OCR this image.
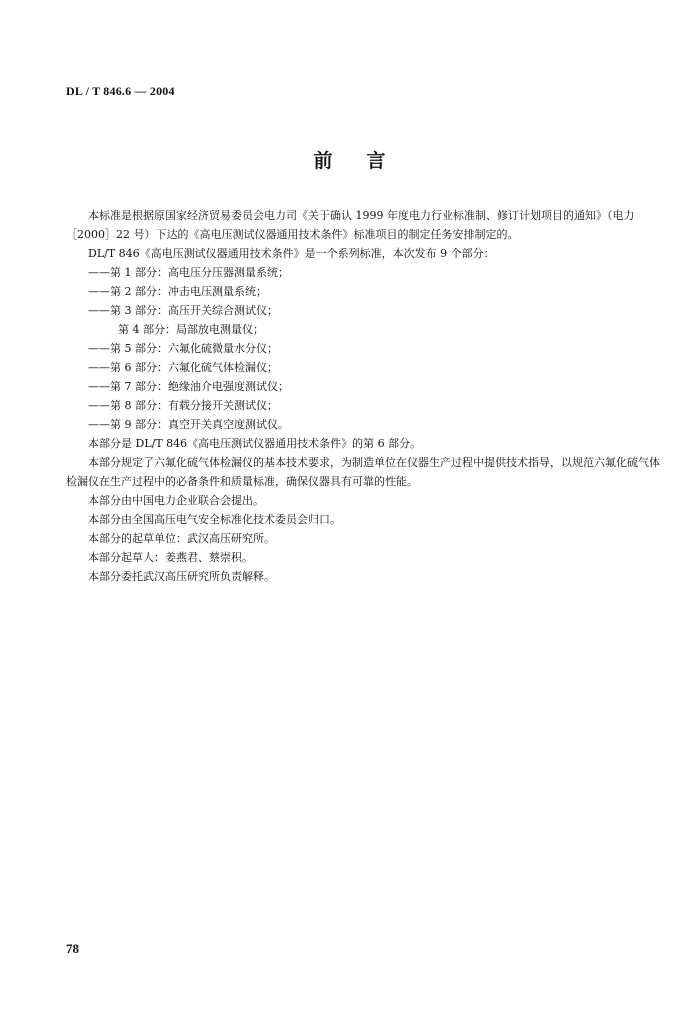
DL / T 846.6 — 2004
前言

本标准是根据原国家经济贸易委员会电力司《关于确认 1999 年度电力行业标准制、修订计划项目的通知》（电力［2000］22 号）下达的《高电压测试仪器通用技术条件》标准项目的制定任务安排制定的。

DL/T 846《高电压测试仪器通用技术条件》是一个系列标准，本次发布 9 个部分：

——第 1 部分：高电压分压器测量系统；

——第 2 部分：冲击电压测量系统；

——第 3 部分：高压开关综合测试仪；

第 4 部分：局部放电测量仪；

——第 5 部分：六氟化硫微量水分仪；

——第 6 部分：六氟化硫气体检漏仪；

——第 7 部分：绝缘油介电强度测试仪；

——第 8 部分：有载分接开关测试仪；

——第 9 部分：真空开关真空度测试仪。

本部分是 DL/T 846《高电压测试仪器通用技术条件》的第 6 部分。

本部分规定了六氟化硫气体检漏仪的基本技术要求，为制造单位在仪器生产过程中提供技术指导，以规范六氟化硫气体检漏仪在生产过程中的必备条件和质量标准，确保仪器具有可靠的性能。

本部分由中国电力企业联合会提出。

本部分由全国高压电气安全标准化技术委员会归口。

本部分的起草单位：武汉高压研究所。

本部分起草人：姜燕君、蔡崇积。

本部分委托武汉高压研究所负责解释。

78
